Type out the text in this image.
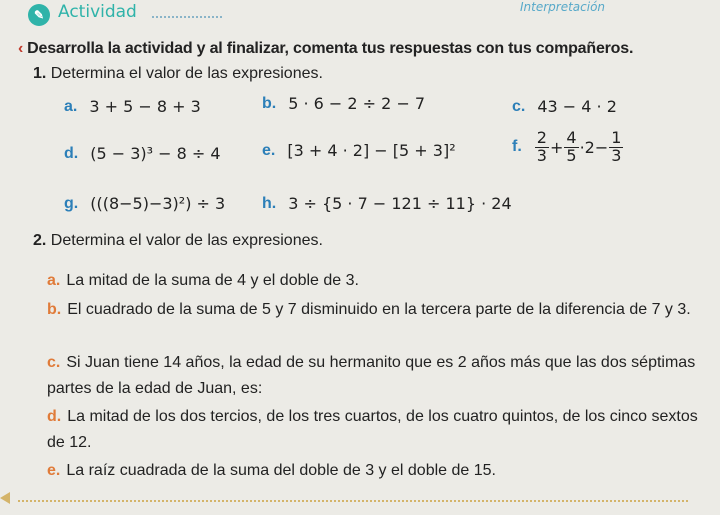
✎ Actividad	Interpretación
‹ Desarrolla la actividad y al finalizar, comenta tus respuestas con tus compañeros.
1. Determina el valor de las expresiones.
a. 3 + 5 − 8 + 3	b. 5 · 6 − 2 ÷ 2 − 7	c. 43 − 4 · 2
d. (5 − 3)³ − 8 ÷ 4	e. [3 + 4 · 2] − [5 + 3]²	f. $\frac{2}{3} + \frac{4}{5} \cdot 2- \frac{1}{3}$
g. (((8−5)−3)²) ÷ 3 h. 3 ÷ {5 · 7 − 121 ÷ 11} · 24
2. Determina el valor de las expresiones.
a. La mitad de la suma de 4 y el doble de 3.
b. El cuadrado de la suma de 5 y 7 disminuido en la tercera parte de la diferencia de 7 y 3.
c. Si Juan tiene 14 años, la edad de su hermanito que es 2 años más que las dos séptimas partes de la edad de Juan, es:
d. La mitad de los dos tercios, de los tres cuartos, de los cuatro quintos, de los cinco sextos de 12.
e. La raíz cuadrada de la suma del doble de 3 y el doble de 15.
